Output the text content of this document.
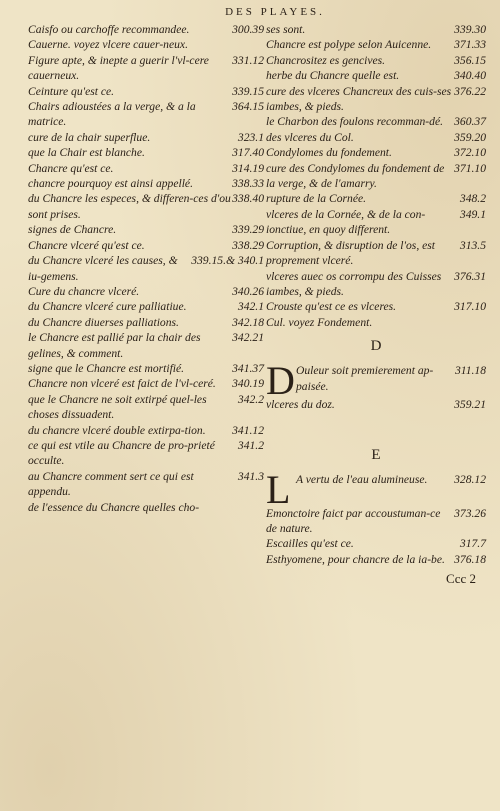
DES PLAYES.

300.39
Caisfo ou carchoffe recommandee.

Cauerne. voyez vlcere cauer-neux.

331.12
Figure apte, & inepte a guerir l'vl-cere cauerneux.

339.15
Ceinture qu'est ce.

364.15
Chairs adioustées a la verge, & a la matrice.

323.1
cure de la chair superflue.

317.40
que la Chair est blanche.

314.19
Chancre qu'est ce.

338.33
chancre pourquoy est ainsi appellé.

338.40
du Chancre les especes, & differen-ces d'ou sont prises.

339.29
signes de Chancre.

338.29
Chancre vlceré qu'est ce.

339.15.& 340.1
du Chancre vlceré les causes, & iu-gemens.

340.26
Cure du chancre vlceré.

342.1
du Chancre vlceré cure palliatiue.

342.18
du Chancre diuerses palliations.

342.21
le Chancre est pallié par la chair des gelines, & comment.

341.37
signe que le Chancre est mortifié.

340.19
Chancre non vlceré est faict de l'vl-ceré.

342.2
que le Chancre ne soit extirpé quel-les choses dissuadent.

341.12
du chancre vlceré double extirpa-tion.

341.2
ce qui est vtile au Chancre de pro-prieté occulte.

341.3
au Chancre comment sert ce qui est appendu.

de l'essence du Chancre quelles cho-

339.30
ses sont.

371.33
Chancre est polype selon Auicenne.

356.15
Chancrositez es gencives.

340.40
herbe du Chancre quelle est.

376.22
cure des vlceres Chancreux des cuis-ses iambes, & pieds.

360.37
le Charbon des foulons recomman-dé.

359.20
des vlceres du Col.

372.10
Condylomes du fondement.

371.10
cure des Condylomes du fondement de la verge, & de l'amarry.

348.2
rupture de la Cornée.

349.1
vlceres de la Cornée, & de la con-ionctiue, en quoy different.

313.5
Corruption, & disruption de l'os, est proprement vlceré.

376.31
vlceres auec os corrompu des Cuisses iambes, & pieds.

317.10
Crouste qu'est ce es vlceres.

Cul. voyez Fondement.

D

D	311.18
Ouleur soit premierement ap-paisée.

359.21
vlceres du doz.

E

L	328.12
A vertu de l'eau alumineuse.

373.26
Emonctoire faict par accoustuman-ce de nature.

317.7
Escailles qu'est ce.

376.18
Esthyomene, pour chancre de la ia-be.

Ccc 2
